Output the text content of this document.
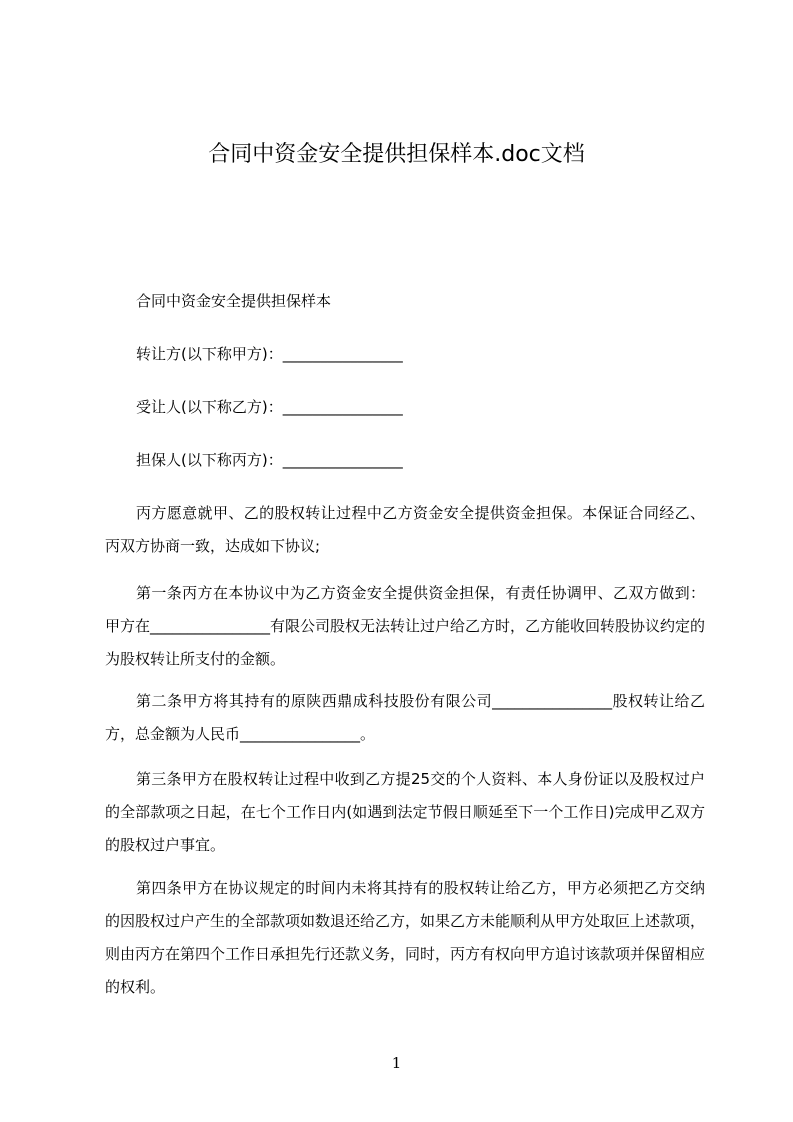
合同中资金安全提供担保样本.doc文档
合同中资金安全提供担保样本
转让方(以下称甲方)：________________
受让人(以下称乙方)：________________
担保人(以下称丙方)：________________
丙方愿意就甲、乙的股权转让过程中乙方资金安全提供资金担保。本保证合同经乙、丙双方协商一致，达成如下协议;
第一条丙方在本协议中为乙方资金安全提供资金担保，有责任协调甲、乙双方做到：甲方在________________有限公司股权无法转让过户给乙方时，乙方能收回转股协议约定的为股权转让所支付的金额。
第二条甲方将其持有的原陕西鼎成科技股份有限公司________________股权转让给乙方，总金额为人民币________________。
第三条甲方在股权转让过程中收到乙方提25交的个人资料、本人身份证以及股权过户的全部款项之日起，在七个工作日内(如遇到法定节假日顺延至下一个工作日)完成甲乙双方的股权过户事宜。
第四条甲方在协议规定的时间内未将其持有的股权转让给乙方，甲方必须把乙方交纳的因股权过户产生的全部款项如数退还给乙方，如果乙方未能顺利从甲方处取叵上述款项，则由丙方在第四个工作日承担先行还款义务，同时，丙方有权向甲方追讨该款项并保留相应的权利。
1
